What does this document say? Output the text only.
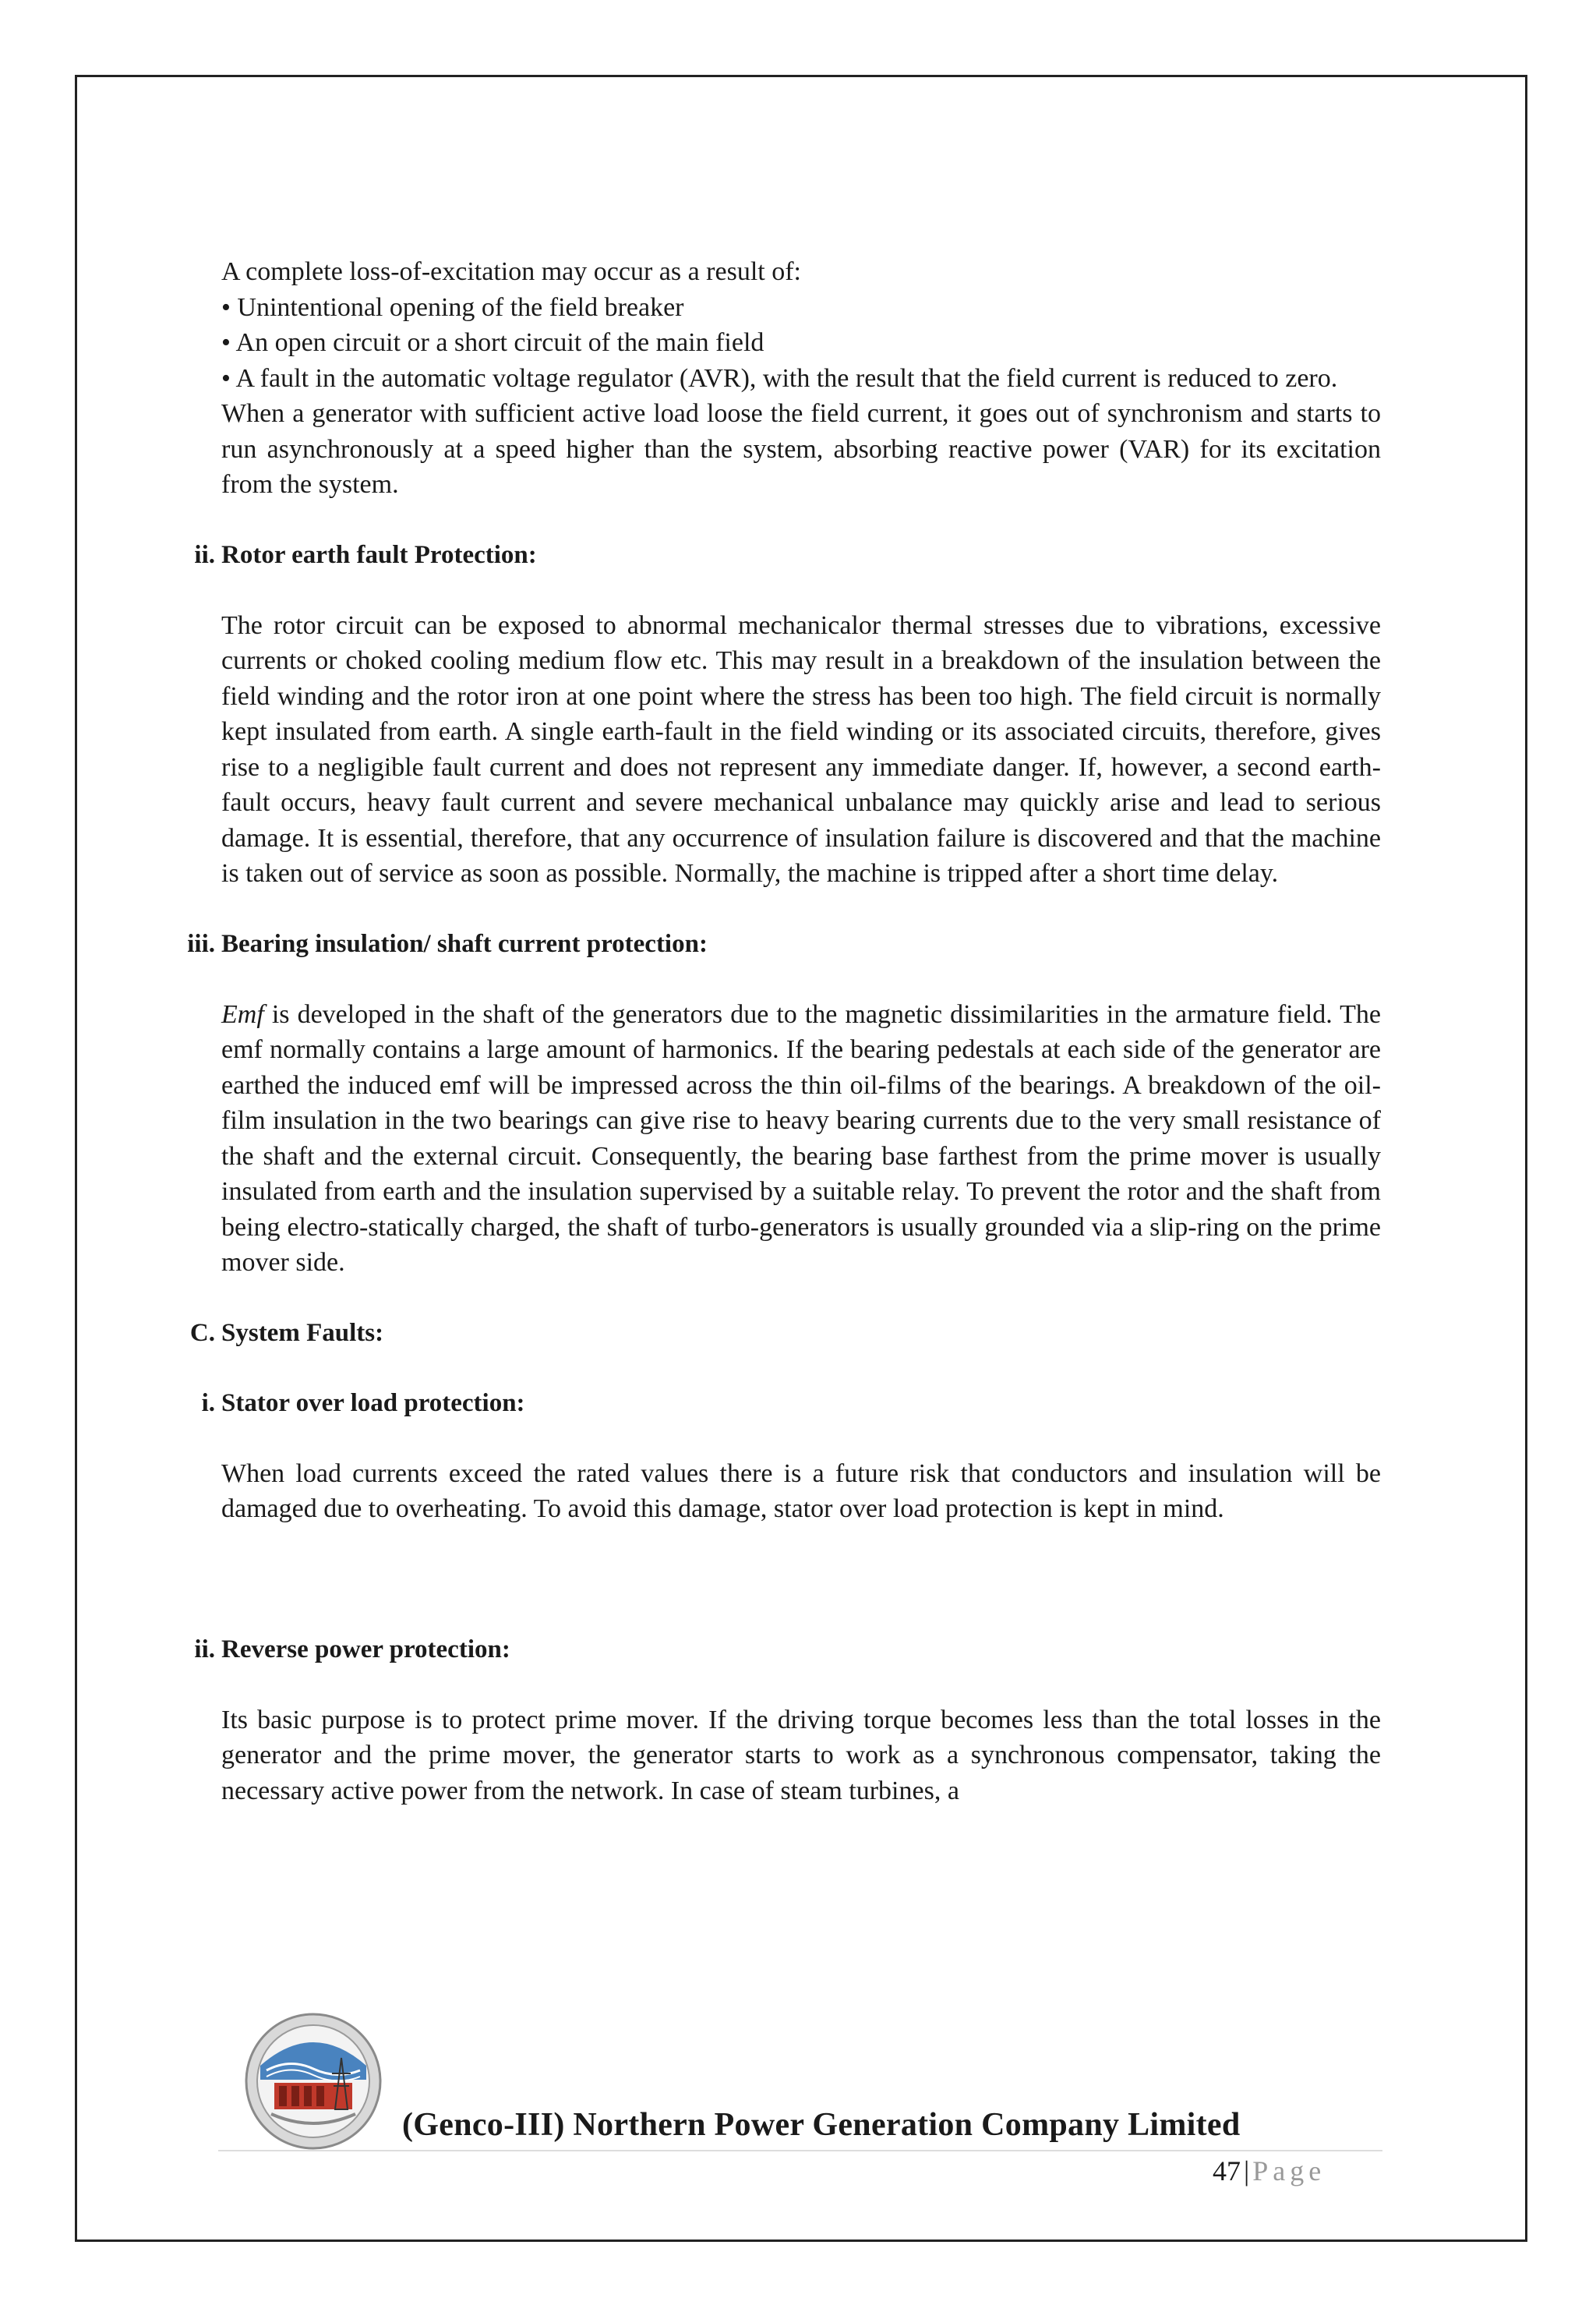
A complete loss-of-excitation may occur as a result of:

• Unintentional opening of the field breaker

• An open circuit or a short circuit of the main field

• A fault in the automatic voltage regulator (AVR), with the result that the field current is reduced to zero.

When a generator with sufficient active load loose the field current, it goes out of synchronism and starts to run asynchronously at a speed higher than the system, absorbing reactive power (VAR) for its excitation from the system.

ii. Rotor earth fault Protection:

The rotor circuit can be exposed to abnormal mechanicalor thermal stresses due to vibrations, excessive currents or choked cooling medium flow etc. This may result in a breakdown of the insulation between the field winding and the rotor iron at one point where the stress has been too high. The field circuit is normally kept insulated from earth. A single earth-fault in the field winding or its associated circuits, therefore, gives rise to a negligible fault current and does not represent any immediate danger. If, however, a second earth-fault occurs, heavy fault current and severe mechanical unbalance may quickly arise and lead to serious damage. It is essential, therefore, that any occurrence of insulation failure is discovered and that the machine is taken out of service as soon as possible. Normally, the machine is tripped after a short time delay.

iii. Bearing insulation/ shaft current protection:

Emf is developed in the shaft of the generators due to the magnetic dissimilarities in the armature field. The emf normally contains a large amount of harmonics. If the bearing pedestals at each side of the generator are earthed the induced emf will be impressed across the thin oil-films of the bearings. A breakdown of the oil-film insulation in the two bearings can give rise to heavy bearing currents due to the very small resistance of the shaft and the external circuit. Consequently, the bearing base farthest from the prime mover is usually insulated from earth and the insulation supervised by a suitable relay. To prevent the rotor and the shaft from being electro-statically charged, the shaft of turbo-generators is usually grounded via a slip-ring on the prime mover side.

C. System Faults:
i. Stator over load protection:

When load currents exceed the rated values there is a future risk that conductors and insulation will be damaged due to overheating. To avoid this damage, stator over load protection is kept in mind.

ii. Reverse power protection:

Its basic purpose is to protect prime mover. If the driving torque becomes less than the total losses in the generator and the prime mover, the generator starts to work as a synchronous compensator, taking the necessary active power from the network. In case of steam turbines, a

(Genco-III) Northern Power Generation Company Limited
47 | Page
